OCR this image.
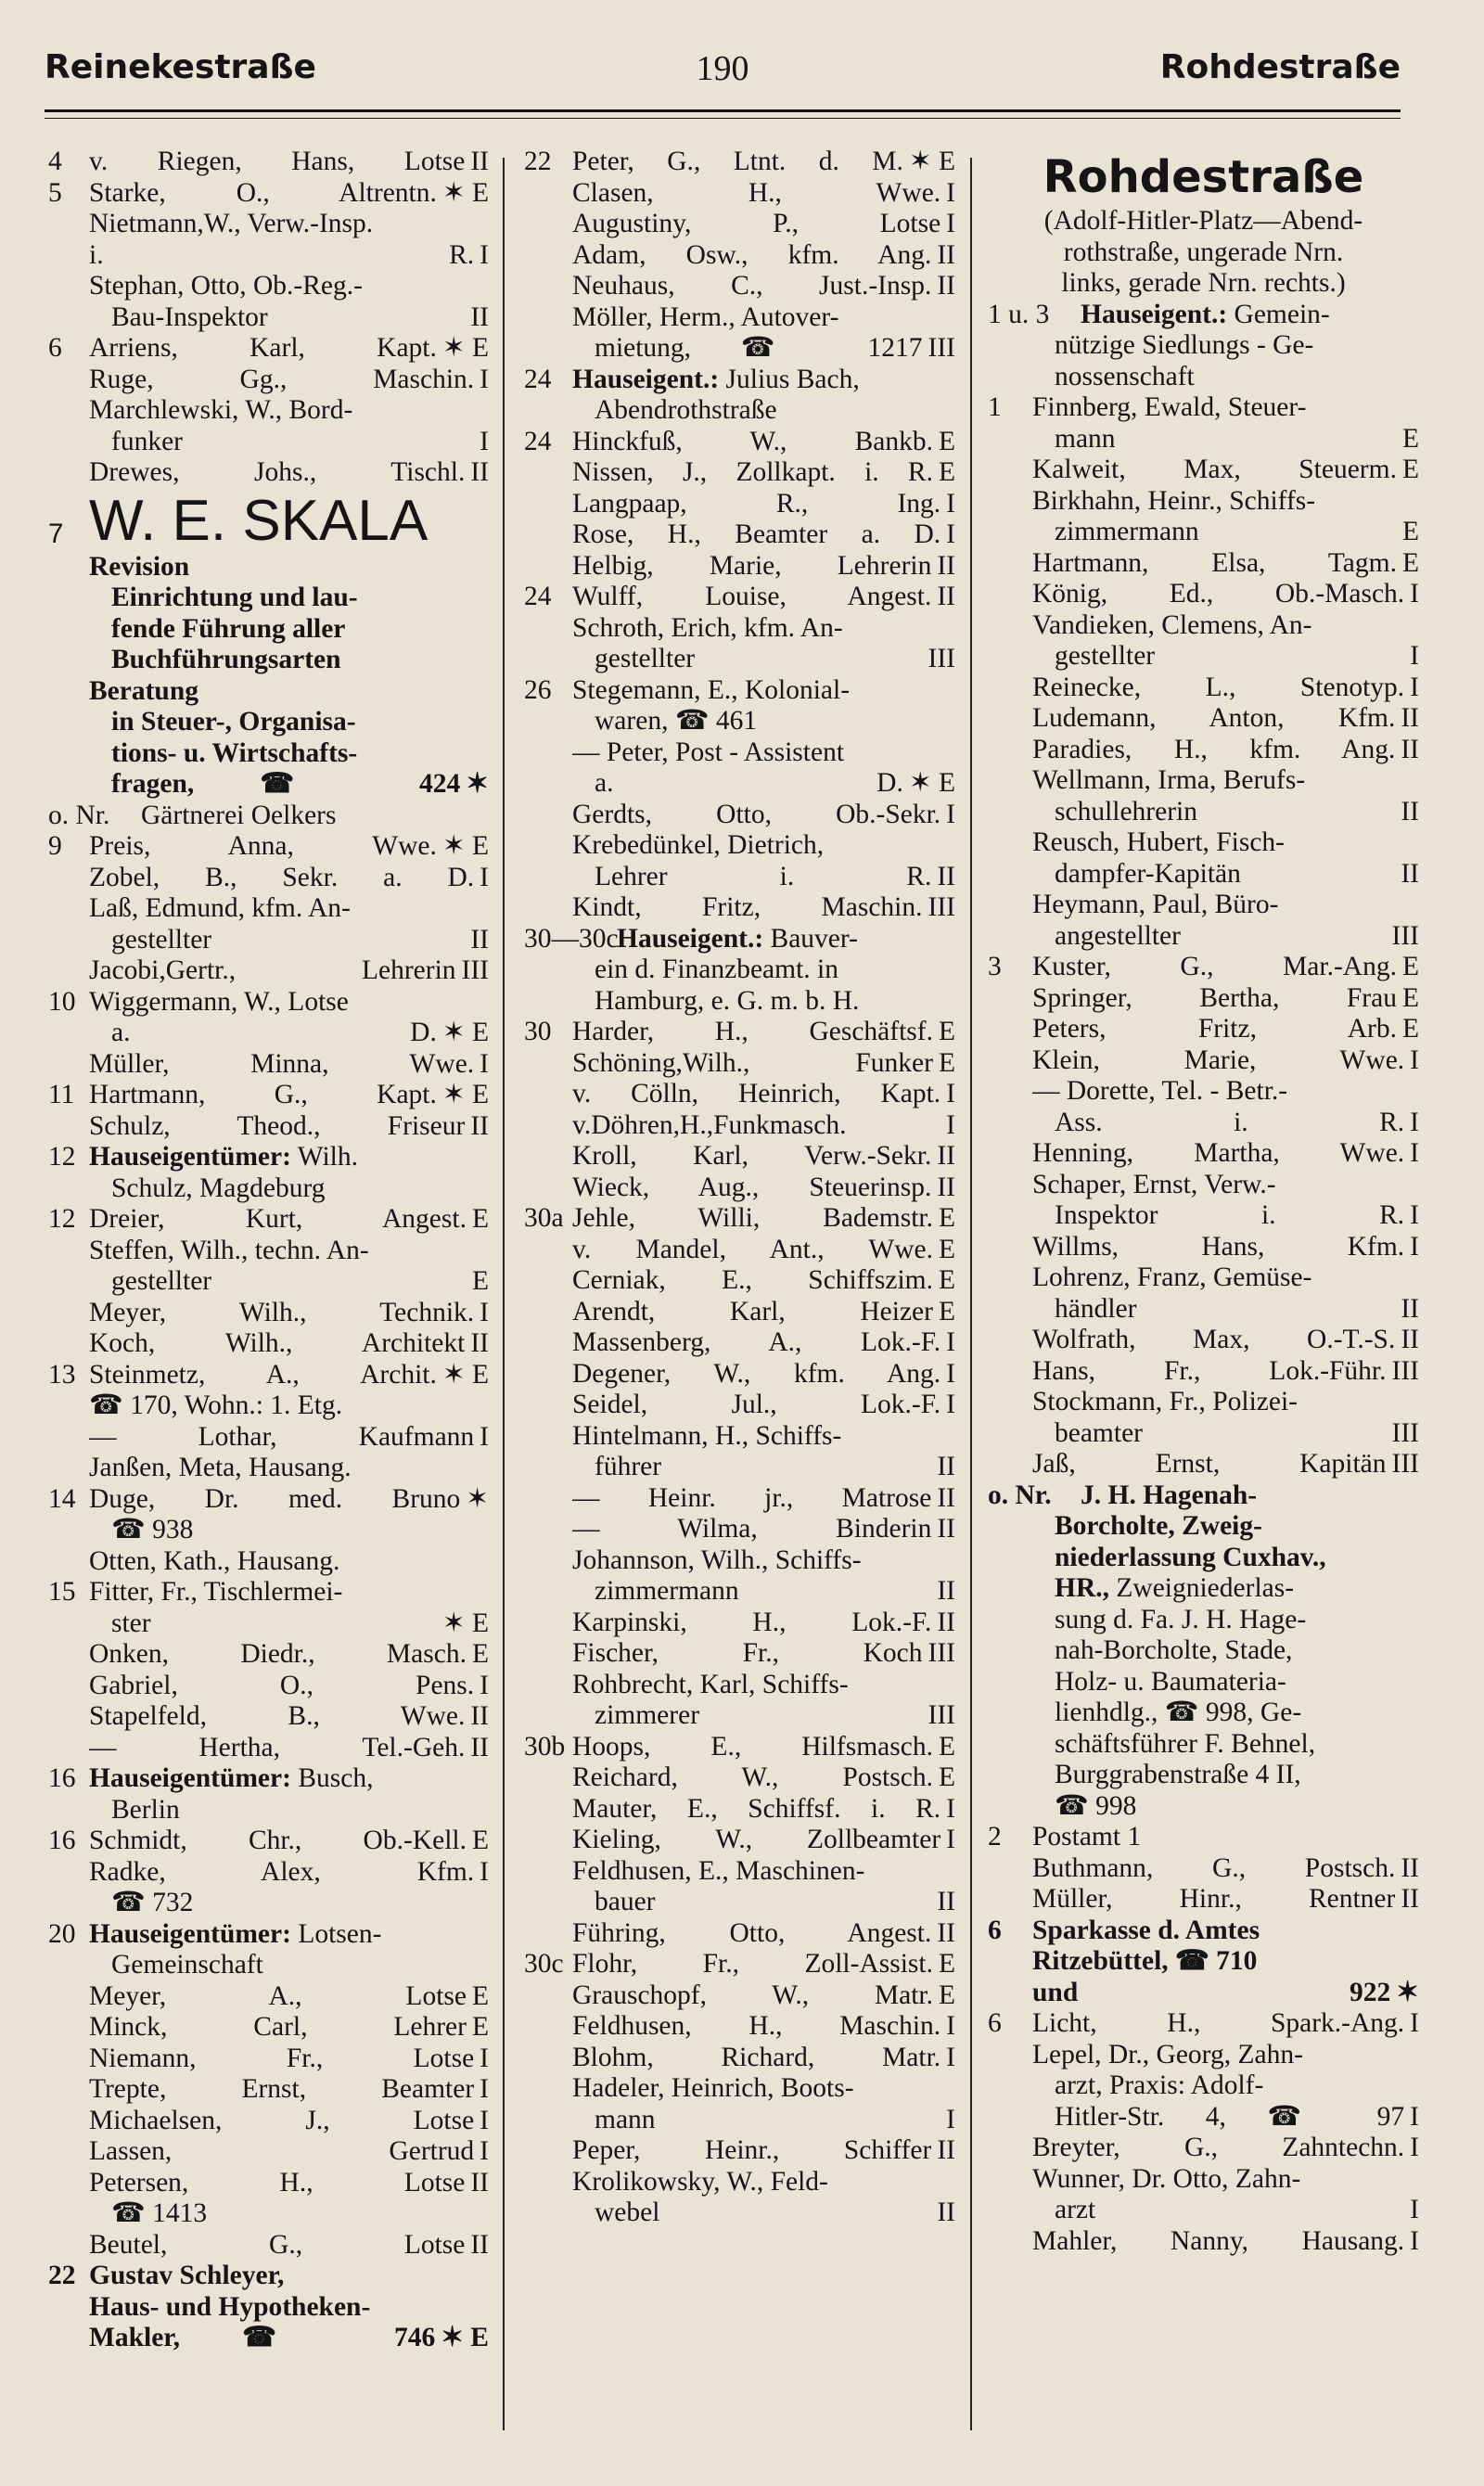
Reinekestraße	190	Rohdestraße
4 v. Riegen, Hans, Lotse II
5 Starke, O., Altrentn. ✶ E
Nietmann,W., Verw.-Insp.
i. R. I
Stephan, Otto, Ob.-Reg.-
Bau-Inspektor	II
6 Arriens, Karl, Kapt. ✶ E
Ruge, Gg., Maschin. I
Marchlewski, W., Bord-
funker	I
Drewes, Johs., Tischl. II
7 W. E. SKALA
Revision
Einrichtung und lau-
fende Führung aller
Buchführungsarten
Beratung
in Steuer-, Organisa-
tions- u. Wirtschafts-
fragen, ☎ 424 ✶
o. Nr.	Gärtnerei Oelkers
9 Preis, Anna, Wwe. ✶ E
Zobel, B., Sekr. a. D. I
Laß, Edmund, kfm. An-
gestellter	II
Jacobi,Gertr., Lehrerin III
10 Wiggermann, W., Lotse
a. D. ✶ E
Müller, Minna, Wwe. I
11 Hartmann, G., Kapt. ✶ E
Schulz, Theod., Friseur II
12 Hauseigentümer: Wilh.
Schulz, Magdeburg
12 Dreier, Kurt, Angest. E
Steffen, Wilh., techn. An-
gestellter	E
Meyer, Wilh., Technik. I
Koch, Wilh., Architekt II
13 Steinmetz, A., Archit. ✶ E
☎ 170, Wohn.: 1. Etg.
— Lothar, Kaufmann I
Janßen, Meta, Hausang.
14 Duge, Dr. med. Bruno ✶
☎ 938
Otten, Kath., Hausang.
15 Fitter, Fr., Tischlermei-
ster	✶ E
Onken, Diedr., Masch. E
Gabriel, O., Pens. I
Stapelfeld, B., Wwe. II
— Hertha, Tel.-Geh. II
16 Hauseigentümer: Busch,
Berlin
16 Schmidt, Chr., Ob.-Kell. E
Radke, Alex, Kfm. I
☎ 732
20 Hauseigentümer: Lotsen-
Gemeinschaft
Meyer, A., Lotse E
Minck, Carl, Lehrer E
Niemann, Fr., Lotse I
Trepte, Ernst, Beamter I
Michaelsen, J., Lotse I
Lassen, Gertrud I
Petersen, H., Lotse II
☎ 1413
Beutel, G., Lotse II
22 Gustav Schleyer,
Haus- und Hypotheken-
Makler, ☎ 746 ✶ E
22 Peter, G., Ltnt. d. M. ✶ E
Clasen, H., Wwe. I
Augustiny, P., Lotse I
Adam, Osw., kfm. Ang. II
Neuhaus, C., Just.-Insp. II
Möller, Herm., Autover-
mietung, ☎ 1217 III
24 Hauseigent.: Julius Bach,
Abendrothstraße
24 Hinckfuß, W., Bankb. E
Nissen, J., Zollkapt. i. R. E
Langpaap, R., Ing. I
Rose, H., Beamter a. D. I
Helbig, Marie, Lehrerin II
24 Wulff, Louise, Angest. II
Schroth, Erich, kfm. An-
gestellter	III
26 Stegemann, E., Kolonial-
waren, ☎ 461
— Peter, Post - Assistent
a. D. ✶ E
Gerdts, Otto, Ob.-Sekr. I
Krebedünkel, Dietrich,
Lehrer i. R. II
Kindt, Fritz, Maschin. III
30—30c
Hauseigent.: Bauver-
ein d. Finanzbeamt. in
Hamburg, e. G. m. b. H.
30 Harder, H., Geschäftsf. E
Schöning,Wilh., Funker E
v. Cölln, Heinrich, Kapt. I
v.Döhren,H.,Funkmasch.	I
Kroll, Karl, Verw.-Sekr. II
Wieck, Aug., Steuerinsp. II
30a Jehle, Willi, Bademstr. E
v. Mandel, Ant., Wwe. E
Cerniak, E., Schiffszim. E
Arendt, Karl, Heizer E
Massenberg, A., Lok.-F. I
Degener, W., kfm. Ang. I
Seidel, Jul., Lok.-F. I
Hintelmann, H., Schiffs-
führer	II
— Heinr. jr., Matrose II
— Wilma, Binderin II
Johannson, Wilh., Schiffs-
zimmermann	II
Karpinski, H., Lok.-F. II
Fischer, Fr., Koch III
Rohbrecht, Karl, Schiffs-
zimmerer	III
30b Hoops, E., Hilfsmasch. E
Reichard, W., Postsch. E
Mauter, E., Schiffsf. i. R. I
Kieling, W., Zollbeamter I
Feldhusen, E., Maschinen-
bauer	II
Führing, Otto, Angest. II
30c Flohr, Fr., Zoll-Assist. E
Grauschopf, W., Matr. E
Feldhusen, H., Maschin. I
Blohm, Richard, Matr. I
Hadeler, Heinrich, Boots-
mann	I
Peper, Heinr., Schiffer II
Krolikowsky, W., Feld-
webel	II
Rohdestraße
(Adolf-Hitler-Platz—Abend-
rothstraße, ungerade Nrn.
links, gerade Nrn. rechts.)
1 u. 3	Hauseigent.: Gemein-
nützige Siedlungs - Ge-
nossenschaft
1	Finnberg, Ewald, Steuer-
mann	E
Kalweit, Max, Steuerm. E
Birkhahn, Heinr., Schiffs-
zimmermann	E
Hartmann, Elsa, Tagm. E
König, Ed., Ob.-Masch. I
Vandieken, Clemens, An-
gestellter	I
Reinecke, L., Stenotyp. I
Ludemann, Anton, Kfm. II
Paradies, H., kfm. Ang. II
Wellmann, Irma, Berufs-
schullehrerin	II
Reusch, Hubert, Fisch-
dampfer-Kapitän	II
Heymann, Paul, Büro-
angestellter	III
3	Kuster, G., Mar.-Ang. E
Springer, Bertha, Frau E
Peters, Fritz, Arb. E
Klein, Marie, Wwe. I
— Dorette, Tel. - Betr.-
Ass. i. R. I
Henning, Martha, Wwe. I
Schaper, Ernst, Verw.-
Inspektor i. R. I
Willms, Hans, Kfm. I
Lohrenz, Franz, Gemüse-
händler	II
Wolfrath, Max, O.-T.-S. II
Hans, Fr., Lok.-Führ. III
Stockmann, Fr., Polizei-
beamter	III
Jaß, Ernst, Kapitän III
o. Nr.	J. H. Hagenah-
Borcholte, Zweig-
niederlassung Cuxhav.,
HR., Zweigniederlas-
sung d. Fa. J. H. Hage-
nah-Borcholte, Stade,
Holz- u. Baumateria-
lienhdlg., ☎ 998, Ge-
schäftsführer F. Behnel,
Burggrabenstraße 4 II,
☎ 998
2	Postamt 1
Buthmann, G., Postsch. II
Müller, Hinr., Rentner II
6	Sparkasse d. Amtes
Ritzebüttel, ☎ 710
und 922 ✶
6	Licht, H., Spark.-Ang. I
Lepel, Dr., Georg, Zahn-
arzt, Praxis: Adolf-
Hitler-Str. 4, ☎ 97 I
Breyter, G., Zahntechn. I
Wunner, Dr. Otto, Zahn-
arzt	I
Mahler, Nanny, Hausang. I
